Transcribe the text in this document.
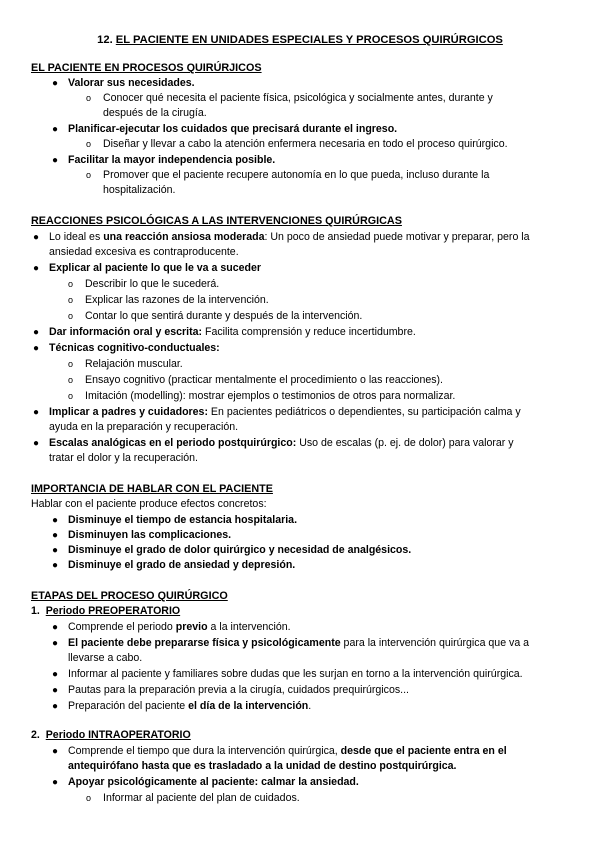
12. EL PACIENTE EN UNIDADES ESPECIALES Y PROCESOS QUIRÚRGICOS
EL PACIENTE EN PROCESOS QUIRÚRJICOS
● Valorar sus necesidades.
o Conocer qué necesita el paciente física, psicológica y socialmente antes, durante y
después de la cirugía.
● Planificar-ejecutar los cuidados que precisará durante el ingreso.
o Diseñar y llevar a cabo la atención enfermera necesaria en todo el proceso quirúrgico.
● Facilitar la mayor independencia posible.
o Promover que el paciente recupere autonomía en lo que pueda, incluso durante la
hospitalización.
REACCIONES PSICOLÓGICAS A LAS INTERVENCIONES QUIRÚRGICAS
● Lo ideal es una reacción ansiosa moderada: Un poco de ansiedad puede motivar y preparar, pero la
ansiedad excesiva es contraproducente.
● Explicar al paciente lo que le va a suceder
o Describir lo que le sucederá.
o Explicar las razones de la intervención.
o Contar lo que sentirá durante y después de la intervención.
● Dar información oral y escrita: Facilita comprensión y reduce incertidumbre.
● Técnicas cognitivo-conductuales:
o Relajación muscular.
o Ensayo cognitivo (practicar mentalmente el procedimiento o las reacciones).
o Imitación (modelling): mostrar ejemplos o testimonios de otros para normalizar.
● Implicar a padres y cuidadores: En pacientes pediátricos o dependientes, su participación calma y
ayuda en la preparación y recuperación.
● Escalas analógicas en el periodo postquirúrgico: Uso de escalas (p. ej. de dolor) para valorar y
tratar el dolor y la recuperación.
IMPORTANCIA DE HABLAR CON EL PACIENTE
Hablar con el paciente produce efectos concretos:
● Disminuye el tiempo de estancia hospitalaria.
● Disminuyen las complicaciones.
● Disminuye el grado de dolor quirúrgico y necesidad de analgésicos.
● Disminuye el grado de ansiedad y depresión.
ETAPAS DEL PROCESO QUIRÚRGICO
1. Periodo PREOPERATORIO
● Comprende el periodo previo a la intervención.
● El paciente debe prepararse física y psicológicamente para la intervención quirúrgica que va a
llevarse a cabo.
● Informar al paciente y familiares sobre dudas que les surjan en torno a la intervención quirúrgica.
● Pautas para la preparación previa a la cirugía, cuidados prequirúrgicos...
● Preparación del paciente el día de la intervención.
2. Periodo INTRAOPERATORIO
● Comprende el tiempo que dura la intervención quirúrgica, desde que el paciente entra en el
antequirófano hasta que es trasladado a la unidad de destino postquirúrgica.
● Apoyar psicológicamente al paciente: calmar la ansiedad.
o Informar al paciente del plan de cuidados.
